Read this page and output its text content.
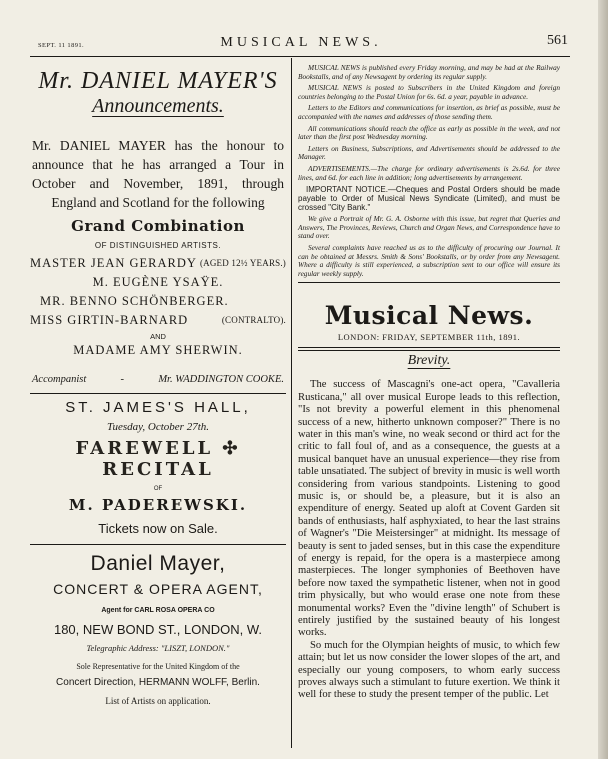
SEPT. 11 1891.	MUSICAL NEWS.	561
Mr. DANIEL MAYER'S
Announcements.
Mr. DANIEL MAYER has the honour to announce that he has arranged a Tour in October and November, 1891, through England and Scotland for the following
Grand Combination
OF DISTINGUISHED ARTISTS.
MASTER JEAN GERARDY (AGED 12½ YEARS.)
M. EUGÈNE YSAŸE.
MR. BENNO SCHÖNBERGER.
MISS GIRTIN-BARNARD	(CONTRALTO).
AND
MADAME AMY SHERWIN.
Accompanist	-	Mr. WADDINGTON COOKE.
ST. JAMES'S HALL,
Tuesday, October 27th.
FAREWELL ✣ RECITAL
OF
M. PADEREWSKI.
Tickets now on Sale.
Daniel Mayer,
CONCERT & OPERA AGENT,
Agent for CARL ROSA OPERA CO
180, NEW BOND ST., LONDON, W.
Telegraphic Address: "LISZT, LONDON."
Sole Representative for the United Kingdom of the
Concert Direction, HERMANN WOLFF, Berlin.
List of Artists on application.

MUSICAL NEWS is published every Friday morning, and may be had at the Railway Bookstalls, and of any Newsagent by ordering its regular supply.

MUSICAL NEWS is posted to Subscribers in the United Kingdom and foreign countries belonging to the Postal Union for 6s. 6d. a year, payable in advance.

Letters to the Editors and communications for insertion, as brief as possible, must be accompanied with the names and addresses of those sending them.

All communications should reach the office as early as possible in the week, and not later than the first post Wednesday morning.

Letters on Business, Subscriptions, and Advertisements should be addressed to the Manager.

ADVERTISEMENTS.—The charge for ordinary advertisements is 2s.6d. for three lines, and 6d. for each line in addition; long advertisements by arrangement.

IMPORTANT NOTICE.—Cheques and Postal Orders should be made payable to Order of Musical News Syndicate (Limited), and must be crossed "City Bank."

We give a Portrait of Mr. G. A. Osborne with this issue, but regret that Queries and Answers, The Provinces, Reviews, Church and Organ News, and Correspondence have to stand over.

Several complaints have reached us as to the difficulty of procuring our Journal. It can be obtained at Messrs. Smith & Sons' Bookstalls, or by order from any Newsagent. Where a difficulty is still experienced, a subscription sent to our office will ensure its regular weekly supply.

Musical News.
LONDON: FRIDAY, SEPTEMBER 11th, 1891.
Brevity.

The success of Mascagni's one-act opera, "Cavalleria Rusticana," all over musical Europe leads to this reflection, "Is not brevity a powerful element in this phenomenal success of a new, hitherto unknown composer?" There is no water in this man's wine, no weak second or third act for the critic to fall foul of, and as a consequence, the guests at a musical banquet have an unusual experience—they rise from table unsatiated. The subject of brevity in music is well worth considering from various standpoints. Listening to good music is, or should be, a pleasure, but it is also an expenditure of energy. Seated up aloft at Covent Garden sit bands of enthusiasts, half asphyxiated, to hear the last strains of Wagner's "Die Meistersinger" at midnight. Its message of beauty is sent to jaded senses, but in this case the expenditure of energy is repaid, for the opera is a masterpiece among masterpieces. The longer symphonies of Beethoven have before now taxed the sympathetic listener, when not in good trim physically, but who would erase one note from these monumental works? Even the "divine length" of Schubert is entirely justified by the sustained beauty of his longest works.

So much for the Olympian heights of music, to which few attain; but let us now consider the lower slopes of the art, and especially our young composers, to whom early success proves always such a stimulant to future exertion. We think it well for these to study the present temper of the public. Let
